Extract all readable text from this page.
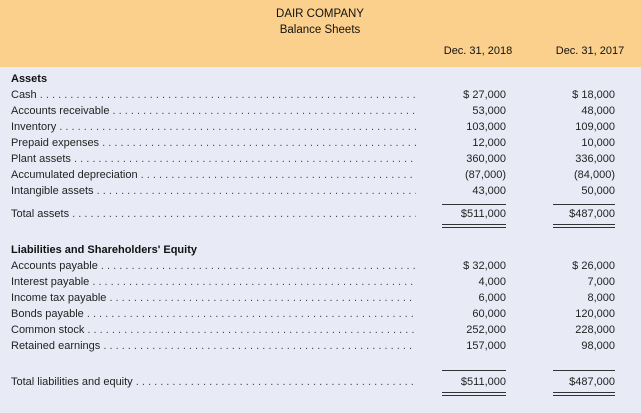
DAIR COMPANY
Balance Sheets
Dec. 31, 2018	Dec. 31, 2017
Assets
Cash . . .	$ 27,000	$ 18,000
Accounts receivable . . .	53,000	48,000
Inventory . . .	103,000	109,000
Prepaid expenses . . .	12,000	10,000
Plant assets . . .	360,000	336,000
Accumulated depreciation . . .	(87,000)	(84,000)
Intangible assets . . .	43,000	50,000
Total assets . . .	$511,000	$487,000
Liabilities and Shareholders' Equity
Accounts payable . . .	$ 32,000	$ 26,000
Interest payable . . .	4,000	7,000
Income tax payable . . .	6,000	8,000
Bonds payable . . .	60,000	120,000
Common stock . . .	252,000	228,000
Retained earnings . . .	157,000	98,000
Total liabilities and equity . . .	$511,000	$487,000
